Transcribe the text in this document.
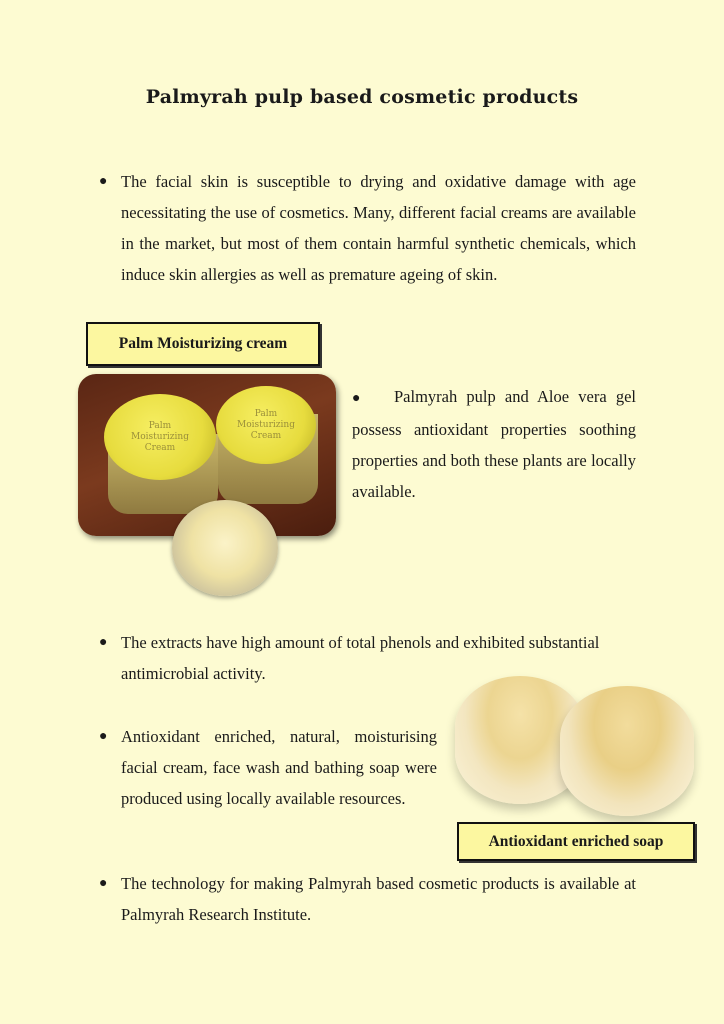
Palmyrah pulp based cosmetic products
● The facial skin is susceptible to drying and oxidative damage with age necessitating the use of cosmetics. Many, different facial creams are available in the market, but most of them contain harmful synthetic chemicals, which induce skin allergies as well as premature ageing of skin.

Palm Moisturizing cream
Palm Moisturizing Cream
Palm Moisturizing Cream

● Palmyrah pulp and Aloe vera gel possess antioxidant properties soothing properties and both these plants are locally available.

● The extracts have high amount of total phenols and exhibited substantial antimicrobial activity.

● Antioxidant enriched, natural, moisturising facial cream, face wash and bathing soap were produced using locally available resources.

Antioxidant enriched soap
● The technology for making Palmyrah based cosmetic products is available at Palmyrah Research Institute.
